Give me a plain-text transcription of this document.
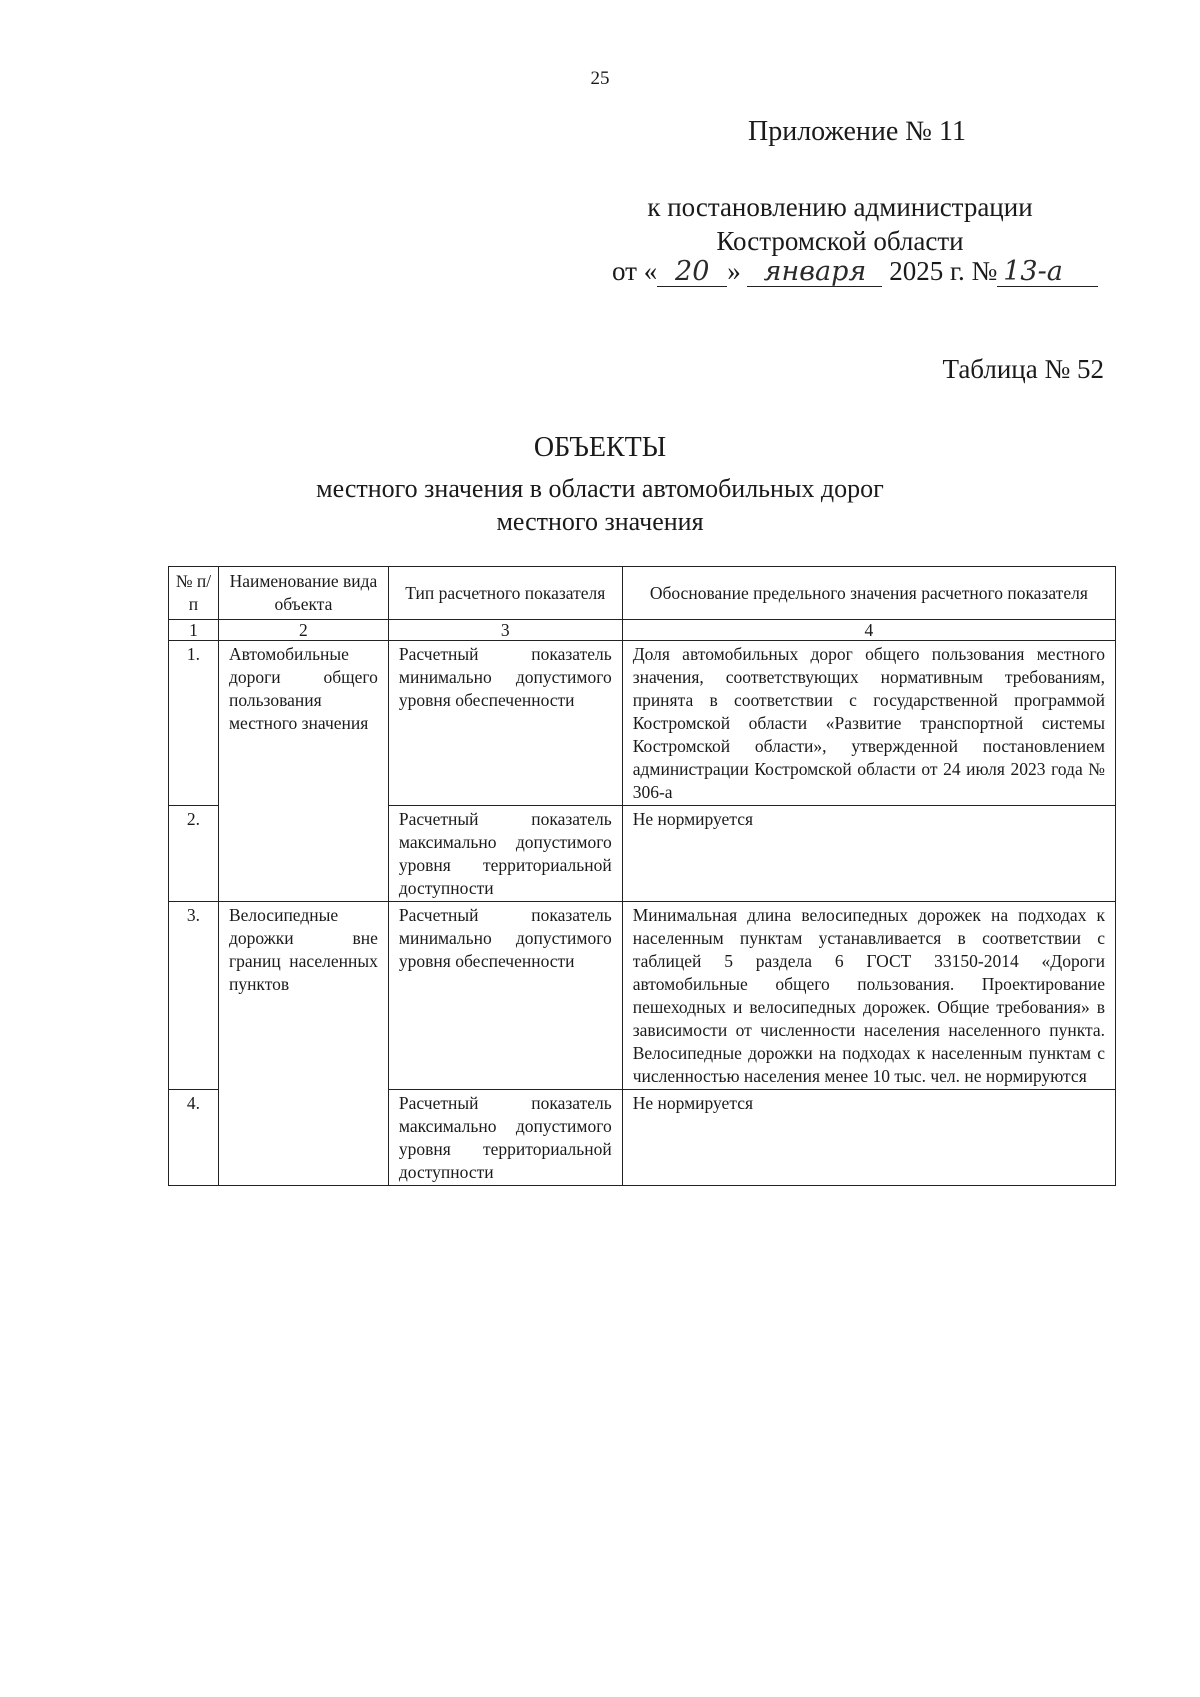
25
Приложение № 11
к постановлению администрации
Костромской области
от « 20 » января 2025 г. № 13-а
Таблица № 52
ОБЪЕКТЫ
местного значения в области автомобильных дорог
местного значения
№ п/п	Наименование вида объекта	Тип расчетного показателя	Обоснование предельного значения расчетного показателя
1	2	3	4
1.	Автомобильные дороги общего пользования местного значения	Расчетный показатель минимально допустимого уровня обеспеченности	Доля автомобильных дорог общего пользования местного значения, соответствующих нормативным требованиям, принята в соответствии с государственной программой Костромской области «Развитие транспортной системы Костромской области», утвержденной постановлением администрации Костромской области от 24 июля 2023 года № 306-а
2.		Расчетный показатель максимально допустимого уровня территориальной доступности	Не нормируется
3.	Велосипедные дорожки вне границ населенных пунктов	Расчетный показатель минимально допустимого уровня обеспеченности	Минимальная длина велосипедных дорожек на подходах к населенным пунктам устанавливается в соответствии с таблицей 5 раздела 6 ГОСТ 33150-2014 «Дороги автомобильные общего пользования. Проектирование пешеходных и велосипедных дорожек. Общие требования» в зависимости от численности населения населенного пункта. Велосипедные дорожки на подходах к населенным пунктам с численностью населения менее 10 тыс. чел. не нормируются
4.		Расчетный показатель максимально допустимого уровня территориальной доступности	Не нормируется
